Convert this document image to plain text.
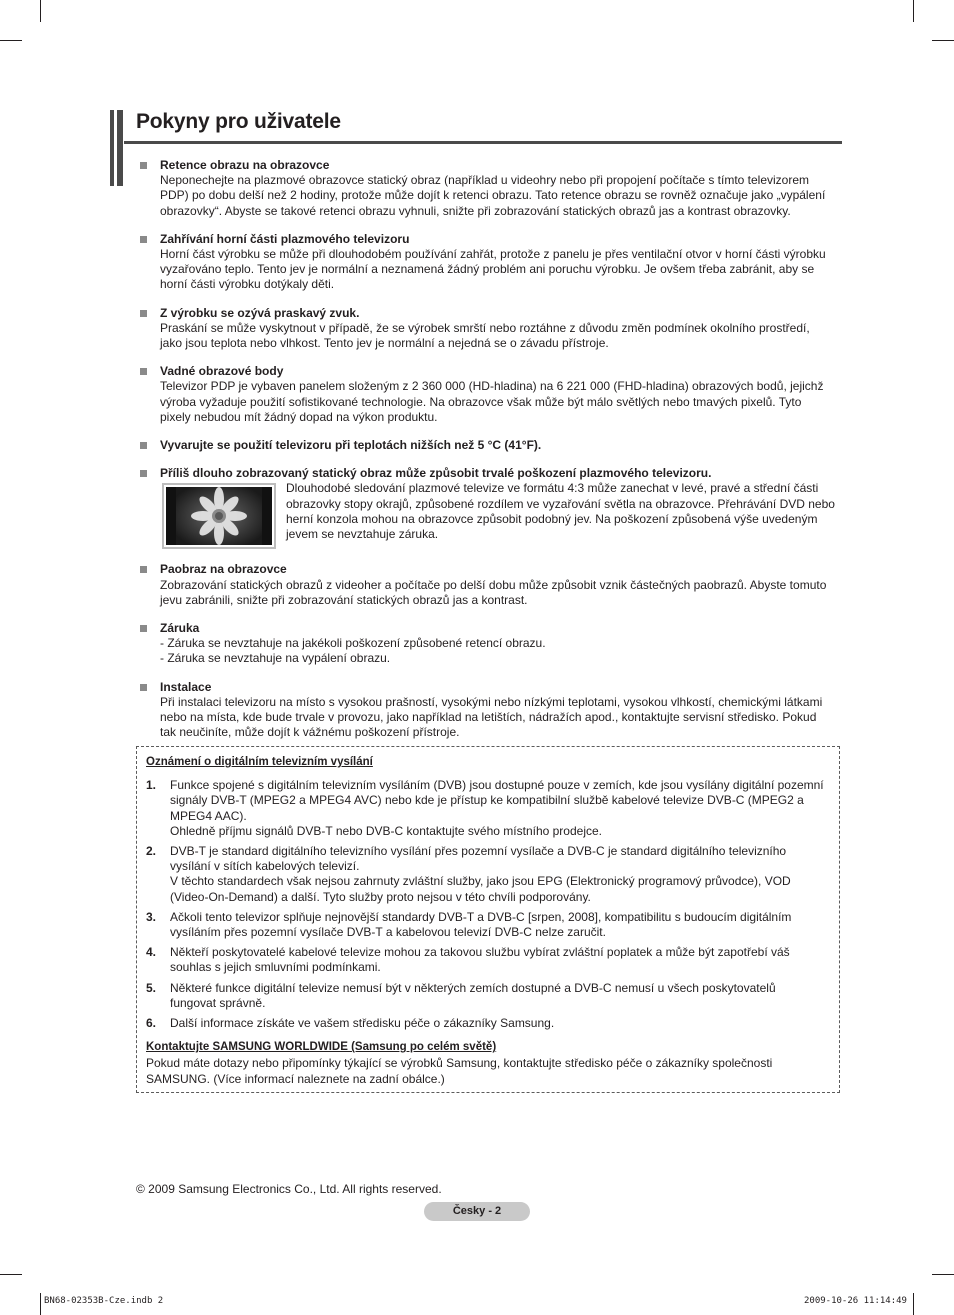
Pokyny pro uživatele
Retence obrazu na obrazovce
Neponechejte na plazmové obrazovce statický obraz (například u videohry nebo při propojení počítače s tímto televizorem
PDP) po dobu delší než 2 hodiny, protože může dojít k retenci obrazu. Tato retence obrazu se rovněž označuje jako „vypálení
obrazovky“. Abyste se takové retenci obrazu vyhnuli, snižte při zobrazování statických obrazů jas a kontrast obrazovky.
Zahřívání horní části plazmového televizoru
Horní část výrobku se může při dlouhodobém používání zahřát, protože z panelu je přes ventilační otvor v horní části výrobku
vyzařováno teplo. Tento jev je normální a neznamená žádný problém ani poruchu výrobku. Je ovšem třeba zabránit, aby se
horní části výrobku dotýkaly děti.
Z výrobku se ozývá praskavý zvuk.
Praskání se může vyskytnout v případě, že se výrobek smrští nebo roztáhne z důvodu změn podmínek okolního prostředí,
jako jsou teplota nebo vlhkost. Tento jev je normální a nejedná se o závadu přístroje.
Vadné obrazové body
Televizor PDP je vybaven panelem složeným z 2 360 000 (HD-hladina) na 6 221 000 (FHD-hladina) obrazových bodů, jejichž
výroba vyžaduje použití sofistikované technologie. Na obrazovce však může být málo světlých nebo tmavých pixelů. Tyto
pixely nebudou mít žádný dopad na výkon produktu.
Vyvarujte se použití televizoru při teplotách nižších než 5 °C (41°F).
Příliš dlouho zobrazovaný statický obraz může způsobit trvalé poškození plazmového televizoru.
Dlouhodobé sledování plazmové televize ve formátu 4:3 může zanechat v levé, pravé a střední části
obrazovky stopy okrajů, způsobené rozdílem ve vyzařování světla na obrazovce. Přehrávání DVD nebo
herní konzola mohou na obrazovce způsobit podobný jev. Na poškození způsobená výše uvedeným
jevem se nevztahuje záruka.
Paobraz na obrazovce
Zobrazování statických obrazů z videoher a počítače po delší dobu může způsobit vznik částečných paobrazů. Abyste tomuto
jevu zabránili, snižte při zobrazování statických obrazů jas a kontrast.
Záruka
- Záruka se nevztahuje na jakékoli poškození způsobené retencí obrazu.
- Záruka se nevztahuje na vypálení obrazu.
Instalace
Při instalaci televizoru na místo s vysokou prašností, vysokými nebo nízkými teplotami, vysokou vlhkostí, chemickými látkami
nebo na místa, kde bude trvale v provozu, jako například na letištích, nádražích apod., kontaktujte servisní středisko. Pokud
tak neučiníte, může dojít k vážnému poškození přístroje.
Oznámení o digitálním televizním vysílání
1. Funkce spojené s digitálním televizním vysíláním (DVB) jsou dostupné pouze v zemích, kde jsou vysílány digitální pozemní
signály DVB-T (MPEG2 a MPEG4 AVC) nebo kde je přístup ke kompatibilní službě kabelové televize DVB-C (MPEG2 a
MPEG4 AAC).
Ohledně příjmu signálů DVB-T nebo DVB-C kontaktujte svého místního prodejce.
2. DVB-T je standard digitálního televizního vysílání přes pozemní vysílače a DVB-C je standard digitálního televizního
vysílání v sítích kabelových televizí.
V těchto standardech však nejsou zahrnuty zvláštní služby, jako jsou EPG (Elektronický programový průvodce), VOD
(Video-On-Demand) a další. Tyto služby proto nejsou v této chvíli podporovány.
3. Ačkoli tento televizor splňuje nejnovější standardy DVB-T a DVB-C [srpen, 2008], kompatibilitu s budoucím digitálním
vysíláním přes pozemní vysílače DVB-T a kabelovou televizí DVB-C nelze zaručit.
4. Někteří poskytovatelé kabelové televize mohou za takovou službu vybírat zvláštní poplatek a může být zapotřebí váš
souhlas s jejich smluvními podmínkami.
5. Některé funkce digitální televize nemusí být v některých zemích dostupné a DVB-C nemusí u všech poskytovatelů
fungovat správně.
6. Další informace získáte ve vašem středisku péče o zákazníky Samsung.
Kontaktujte SAMSUNG WORLDWIDE (Samsung po celém světě)
Pokud máte dotazy nebo připomínky týkající se výrobků Samsung, kontaktujte středisko péče o zákazníky společnosti
SAMSUNG. (Více informací naleznete na zadní obálce.)
© 2009 Samsung Electronics Co., Ltd. All rights reserved.
Česky - 2
BN68-02353B-Cze.indb 2	2009-10-26 11:14:49
